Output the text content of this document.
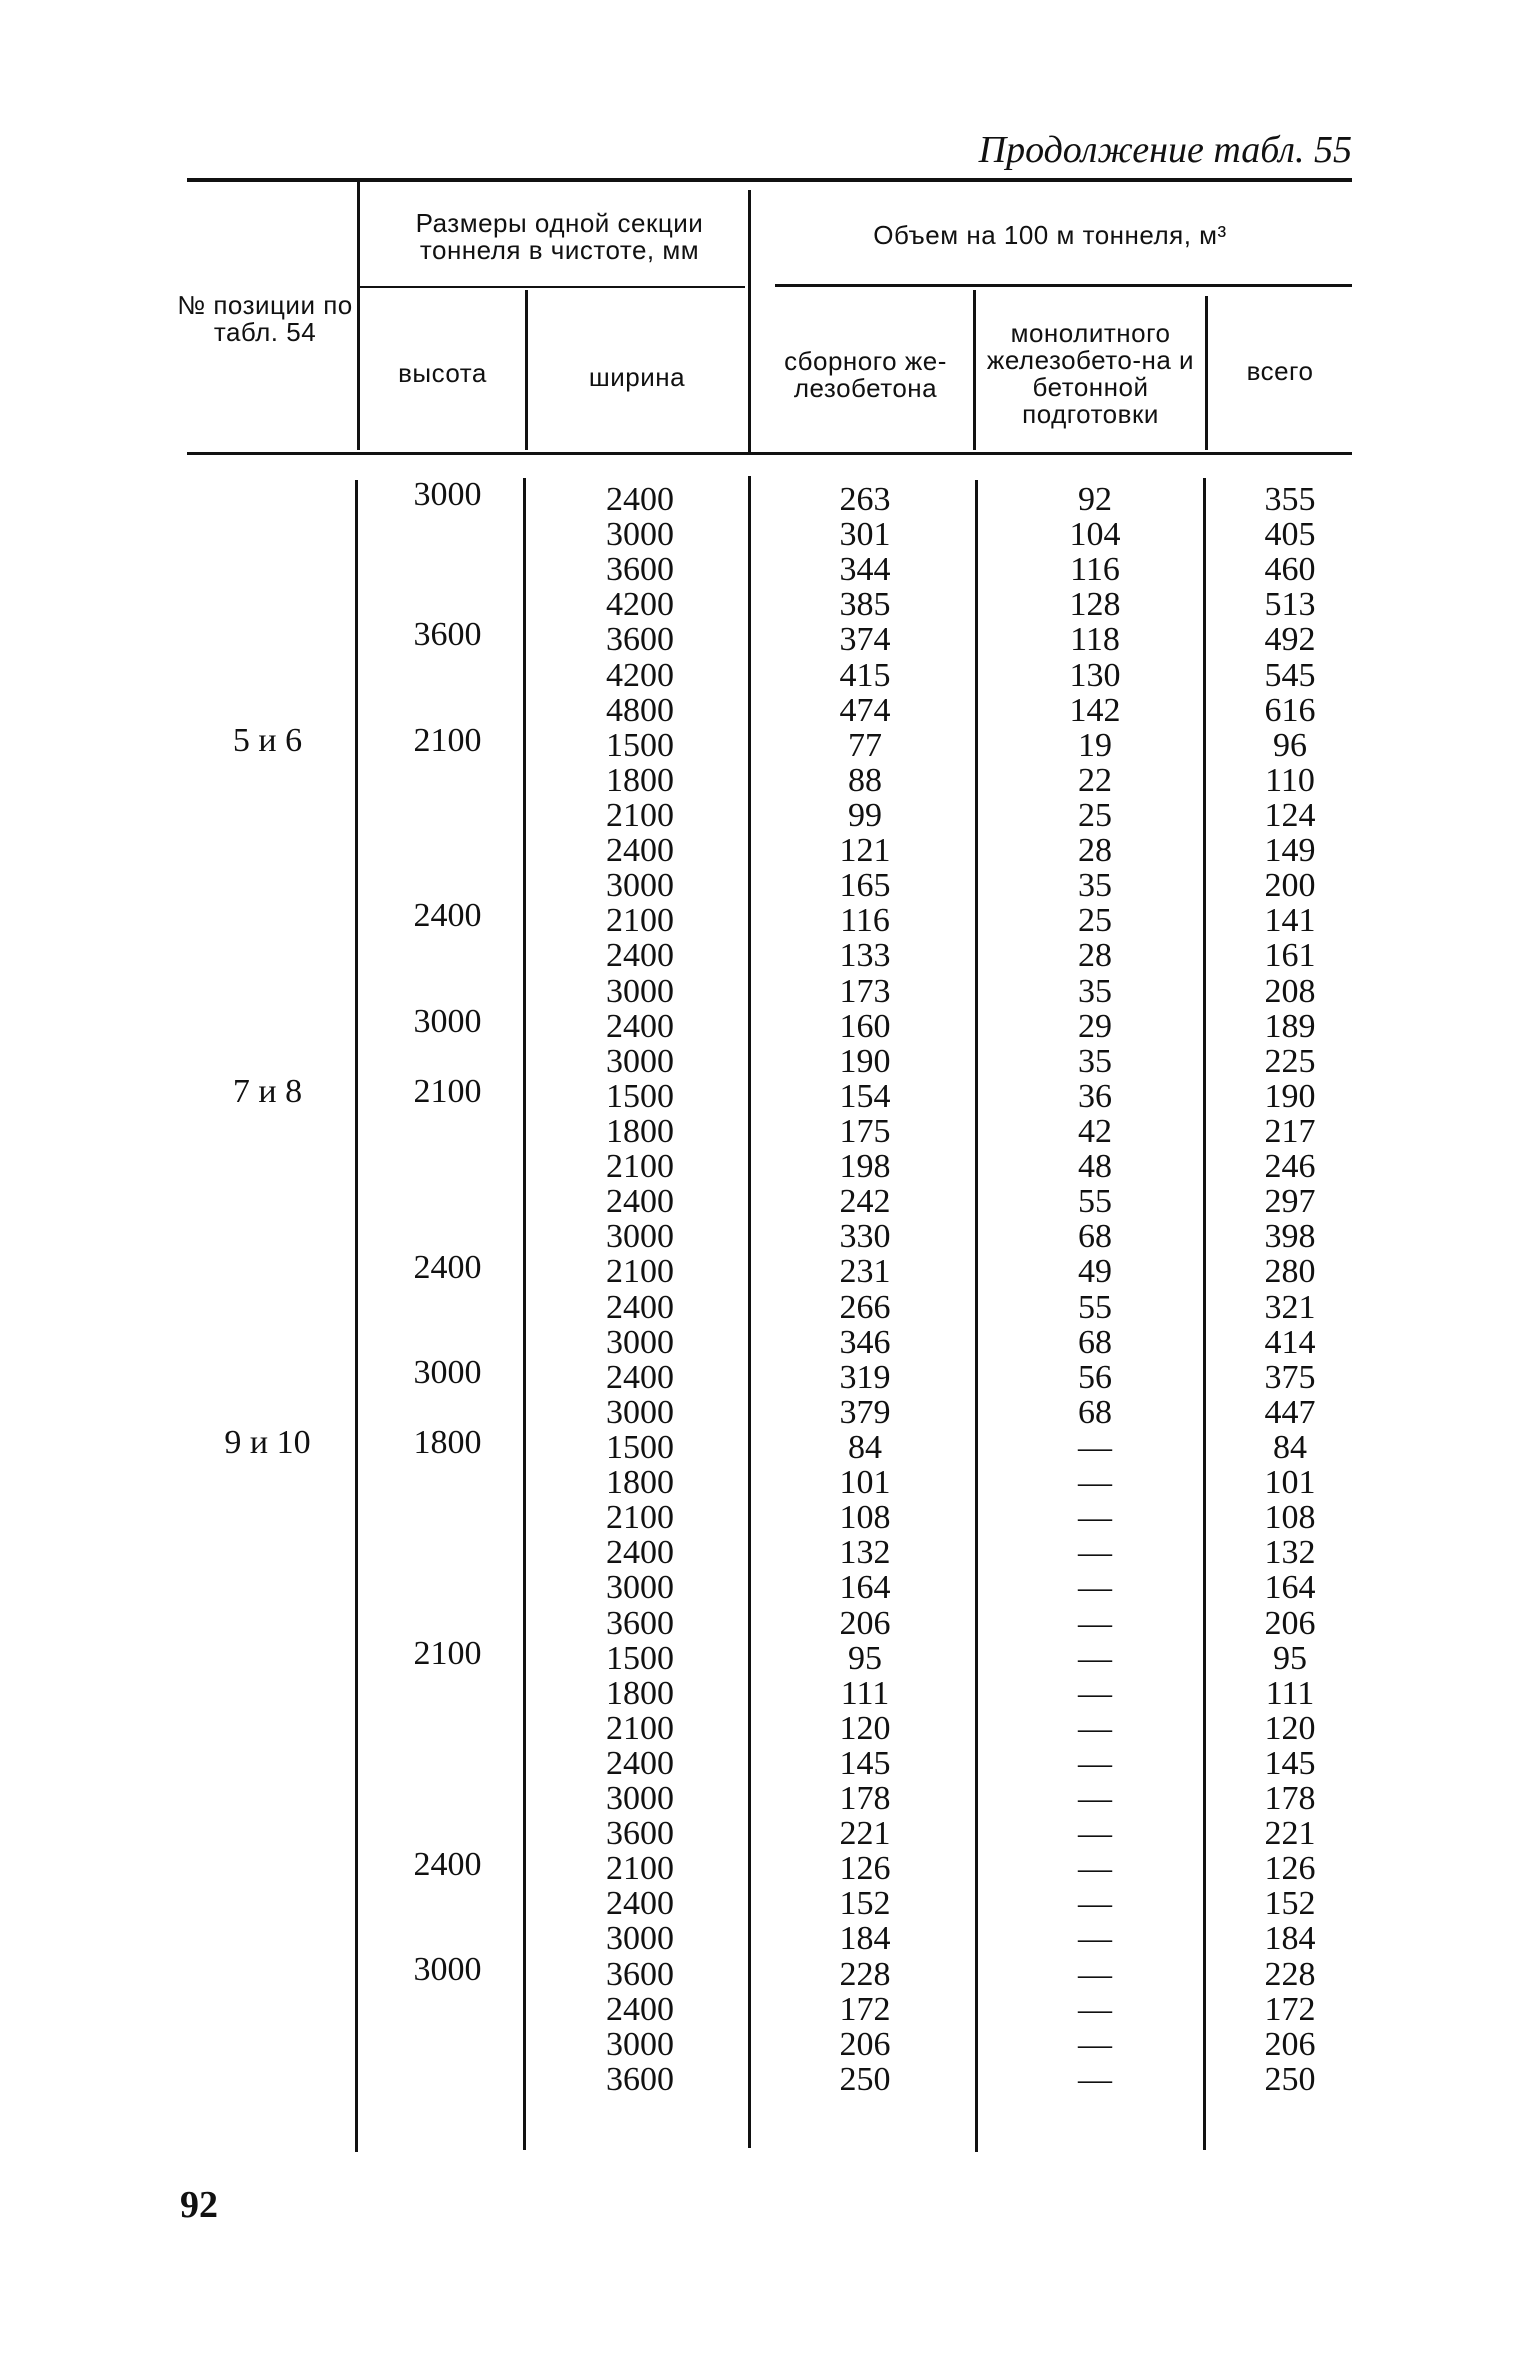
Продолжение табл. 55
№ позиции по табл. 54
Размеры одной секции тоннеля в чистоте, мм
высота	ширина
Объем на 100 м тоннеля, м³
сборного же-лезобетона
монолитного железобето-на и бетонной подготовки
всего
5 и 6
7 и 8
9 и 10
3000
3600
2100
2400
3000
2100
2400
3000
1800
2100
2400
3000
2400
3000
3600
4200
3600
4200
4800
1500
1800
2100
2400
3000
2100
2400
3000
2400
3000
1500
1800
2100
2400
3000
2100
2400
3000
2400
3000
1500
1800
2100
2400
3000
3600
1500
1800
2100
2400
3000
3600
2100
2400
3000
3600
2400
3000
3600
263
301
344
385
374
415
474
77
88
99
121
165
116
133
173
160
190
154
175
198
242
330
231
266
346
319
379
84
101
108
132
164
206
95
111
120
145
178
221
126
152
184
228
172
206
250
92
104
116
128
118
130
142
19
22
25
28
35
25
28
35
29
35
36
42
48
55
68
49
55
68
56
68
—
—
—
—
—
—
—
—
—
—
—
—
—
—
—
—
—
—
—
355
405
460
513
492
545
616
96
110
124
149
200
141
161
208
189
225
190
217
246
297
398
280
321
414
375
447
84
101
108
132
164
206
95
111
120
145
178
221
126
152
184
228
172
206
250
92
